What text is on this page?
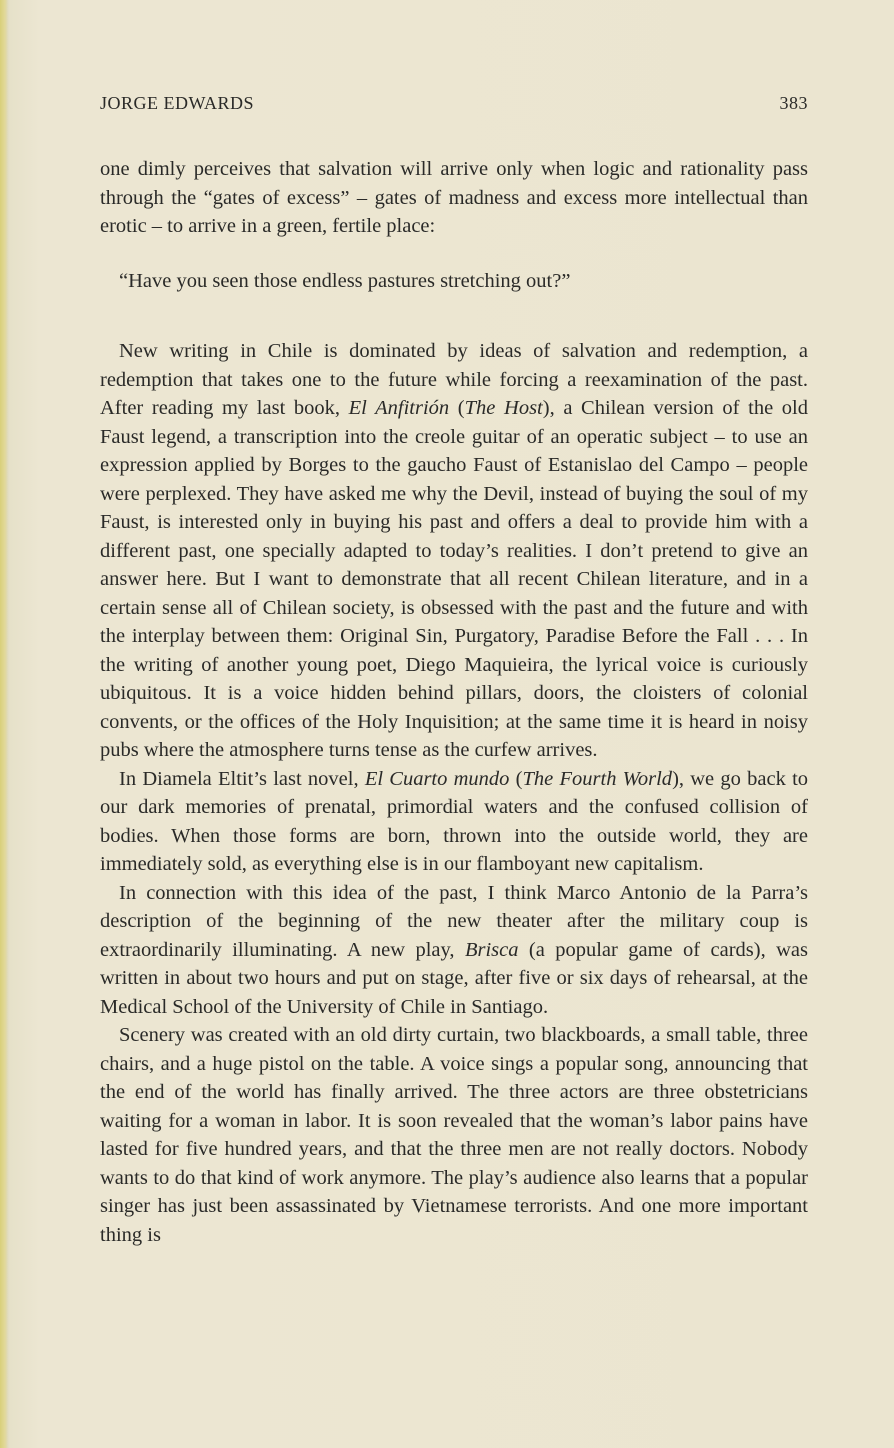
JORGE EDWARDS	383

one dimly perceives that salvation will arrive only when logic and rationality pass through the “gates of excess” – gates of madness and excess more intellectual than erotic – to arrive in a green, fertile place:

“Have you seen those endless pastures stretching out?”

New writing in Chile is dominated by ideas of salvation and redemption, a redemption that takes one to the future while forcing a reexamination of the past. After reading my last book, El Anfitrión (The Host), a Chilean version of the old Faust legend, a transcription into the creole guitar of an operatic subject – to use an expression applied by Borges to the gaucho Faust of Estanislao del Campo – people were perplexed. They have asked me why the Devil, instead of buying the soul of my Faust, is interested only in buying his past and offers a deal to provide him with a different past, one specially adapted to today’s realities. I don’t pretend to give an answer here. But I want to demonstrate that all recent Chilean literature, and in a certain sense all of Chilean society, is obsessed with the past and the future and with the interplay between them: Original Sin, Purgatory, Paradise Before the Fall . . . In the writing of another young poet, Diego Maquieira, the lyrical voice is curiously ubiquitous. It is a voice hidden behind pillars, doors, the cloisters of colonial convents, or the offices of the Holy Inquisition; at the same time it is heard in noisy pubs where the atmosphere turns tense as the curfew arrives.

In Diamela Eltit’s last novel, El Cuarto mundo (The Fourth World), we go back to our dark memories of prenatal, primordial waters and the confused collision of bodies. When those forms are born, thrown into the outside world, they are immediately sold, as everything else is in our flamboyant new capitalism.

In connection with this idea of the past, I think Marco Antonio de la Parra’s description of the beginning of the new theater after the military coup is extraordinarily illuminating. A new play, Brisca (a popular game of cards), was written in about two hours and put on stage, after five or six days of rehearsal, at the Medical School of the University of Chile in Santiago.

Scenery was created with an old dirty curtain, two blackboards, a small table, three chairs, and a huge pistol on the table. A voice sings a popular song, announcing that the end of the world has finally arrived. The three actors are three obstetricians waiting for a woman in labor. It is soon revealed that the woman’s labor pains have lasted for five hundred years, and that the three men are not really doctors. Nobody wants to do that kind of work anymore. The play’s audience also learns that a popular singer has just been assassinated by Vietnamese terrorists. And one more important thing is
